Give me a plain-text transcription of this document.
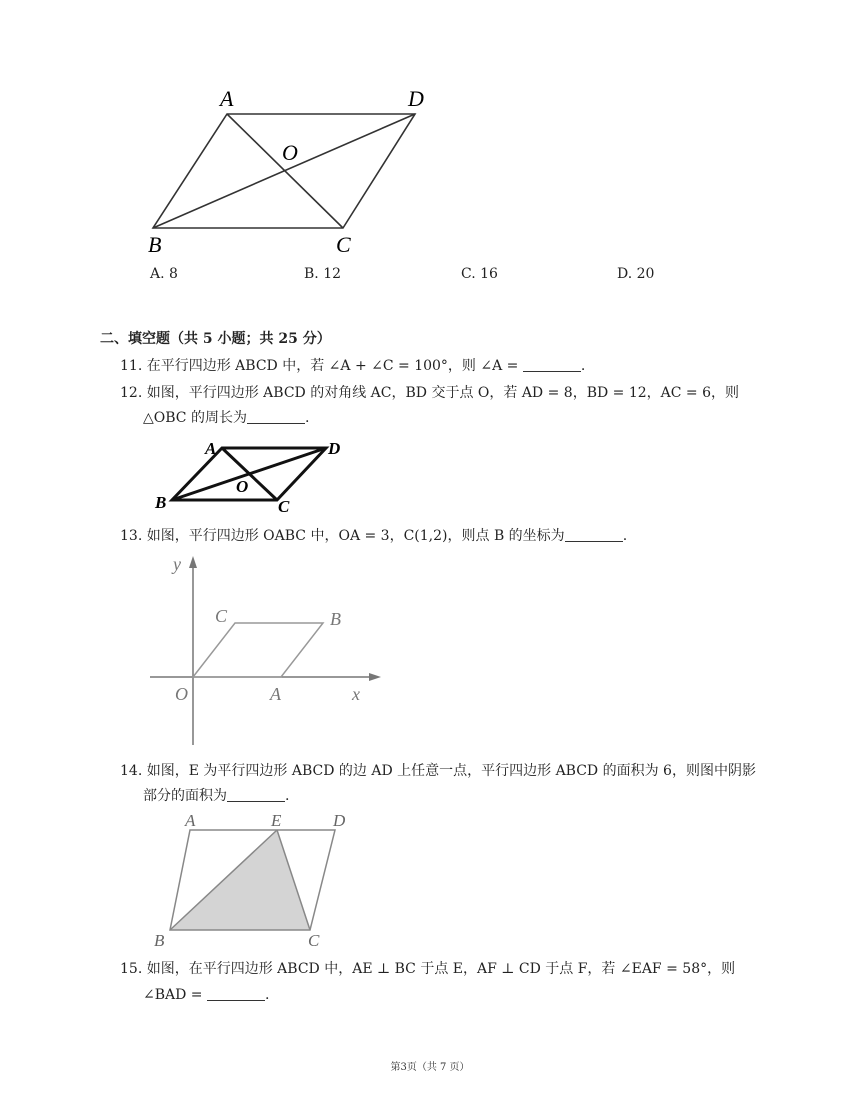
A	D
O
B	C
A. 8	B. 12	C. 16	D. 20
二、填空题（共 5 小题；共 25 分）
11. 在平行四边形 ABCD 中，若 ∠A + ∠C = 100°，则 ∠A =	.
12. 如图，平行四边形 ABCD 的对角线 AC，BD 交于点 O，若 AD = 8，BD = 12，AC = 6，则
△OBC 的周长为	.
A	D
O
B	C
13. 如图，平行四边形 OABC 中，OA = 3，C(1,2)，则点 B 的坐标为	.
y
x
O	A
C	B
14. 如图，E 为平行四边形 ABCD 的边 AD 上任意一点，平行四边形 ABCD 的面积为 6，则图中阴影
部分的面积为	.
A	E	D
B	C
15. 如图，在平行四边形 ABCD 中，AE ⊥ BC 于点 E，AF ⊥ CD 于点 F，若 ∠EAF = 58°，则
∠BAD =	.
第3页（共 7 页）
